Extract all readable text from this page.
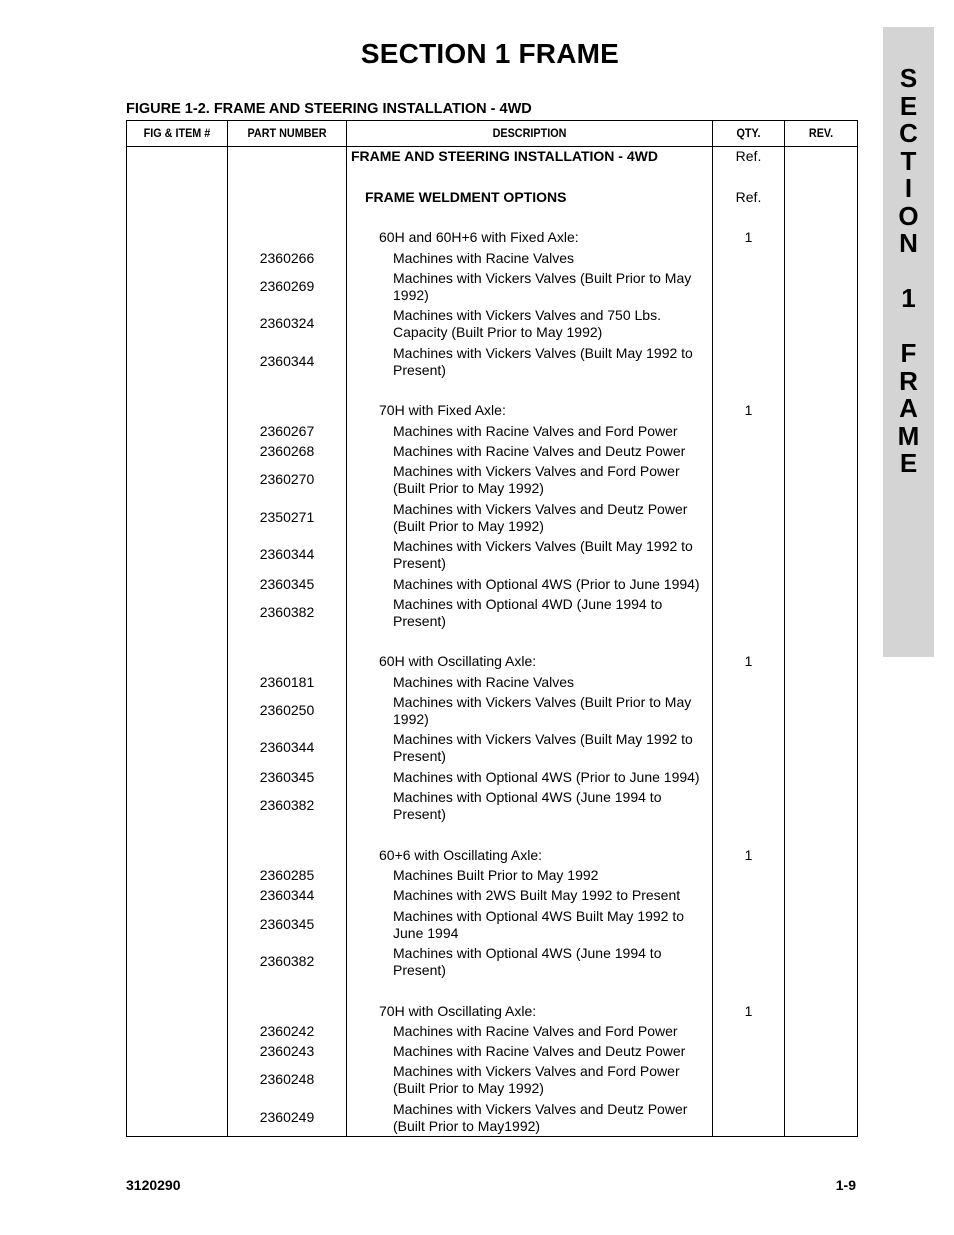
SECTION 1 FRAME
FIGURE 1-2. FRAME AND STEERING INSTALLATION - 4WD
S
E
C
T
I
O
N
1
F
R
A
M
E
FIG & ITEM #	PART NUMBER	DESCRIPTION	QTY.	REV.
FRAME AND STEERING INSTALLATION - 4WD	Ref.
FRAME WELDMENT OPTIONS	Ref.
60H and 60H+6 with Fixed Axle:	1
2360266	Machines with Racine Valves
2360269	Machines with Vickers Valves (Built Prior to May 1992)
2360324	Machines with Vickers Valves and 750 Lbs. Capacity (Built Prior to May 1992)
2360344	Machines with Vickers Valves (Built May 1992 to Present)
70H with Fixed Axle:	1
2360267	Machines with Racine Valves and Ford Power
2360268	Machines with Racine Valves and Deutz Power
2360270	Machines with Vickers Valves and Ford Power (Built Prior to May 1992)
2350271	Machines with Vickers Valves and Deutz Power (Built Prior to May 1992)
2360344	Machines with Vickers Valves (Built May 1992 to Present)
2360345	Machines with Optional 4WS (Prior to June 1994)
2360382	Machines with Optional 4WD (June 1994 to Present)
60H with Oscillating Axle:	1
2360181	Machines with Racine Valves
2360250	Machines with Vickers Valves (Built Prior to May 1992)
2360344	Machines with Vickers Valves (Built May 1992 to Present)
2360345	Machines with Optional 4WS (Prior to June 1994)
2360382	Machines with Optional 4WS (June 1994 to Present)
60+6 with Oscillating Axle:	1
2360285	Machines Built Prior to May 1992
2360344	Machines with 2WS Built May 1992 to Present
2360345	Machines with Optional 4WS Built May 1992 to June 1994
2360382	Machines with Optional 4WS (June 1994 to Present)
70H with Oscillating Axle:	1
2360242	Machines with Racine Valves and Ford Power
2360243	Machines with Racine Valves and Deutz Power
2360248	Machines with Vickers Valves and Ford Power (Built Prior to May 1992)
2360249	Machines with Vickers Valves and Deutz Power (Built Prior to May1992)
3120290	1-9
